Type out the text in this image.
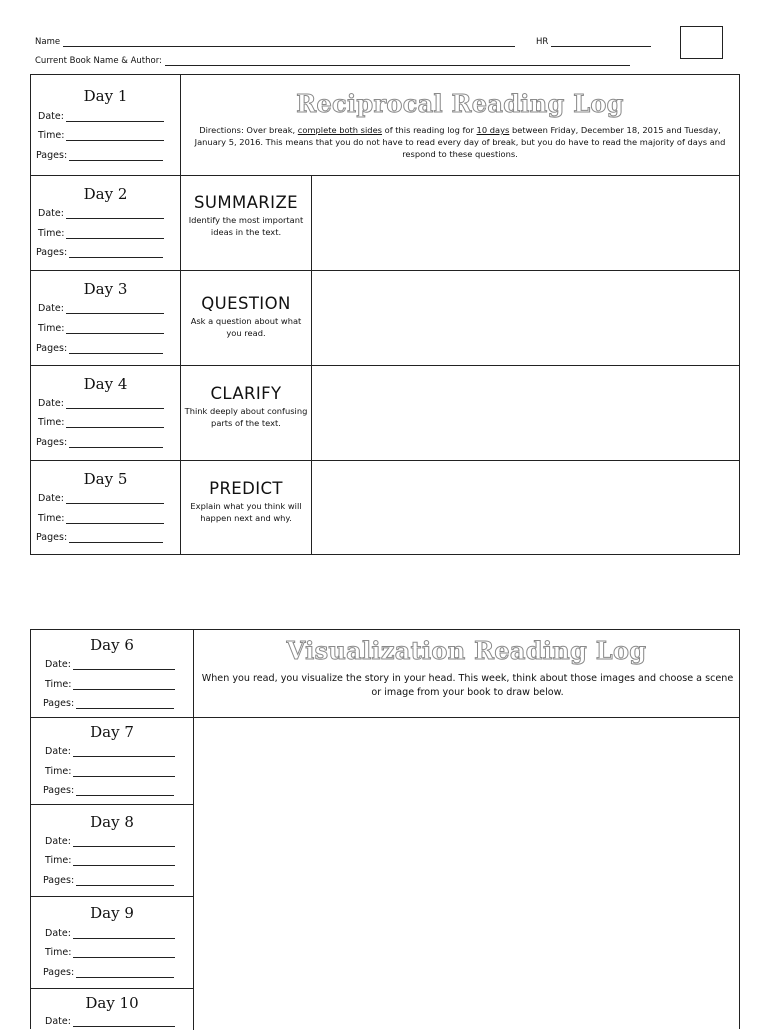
Name	HR
Current Book Name & Author:
Day 1
Date:
Time:
Pages:
Day 2
Date:
Time:
Pages:
Day 3
Date:
Time:
Pages:
Day 4
Date:
Time:
Pages:
Day 5
Date:
Time:
Pages:
Reciprocal Reading Log
Directions: Over break, complete both sides of this reading log for 10 days between Friday, December 18, 2015 and Tuesday, January 5, 2016. This means that you do not have to read every day of break, but you do have to read the majority of days and respond to these questions.
SUMMARIZE
Identify the most important ideas in the text.
QUESTION
Ask a question about what you read.
CLARIFY
Think deeply about confusing parts of the text.
PREDICT
Explain what you think will happen next and why.
Day 6
Date:
Time:
Pages:
Day 7
Date:
Time:
Pages:
Day 8
Date:
Time:
Pages:
Day 9
Date:
Time:
Pages:
Day 10
Date:
Visualization Reading Log
When you read, you visualize the story in your head. This week, think about those images and choose a scene or image from your book to draw below.
